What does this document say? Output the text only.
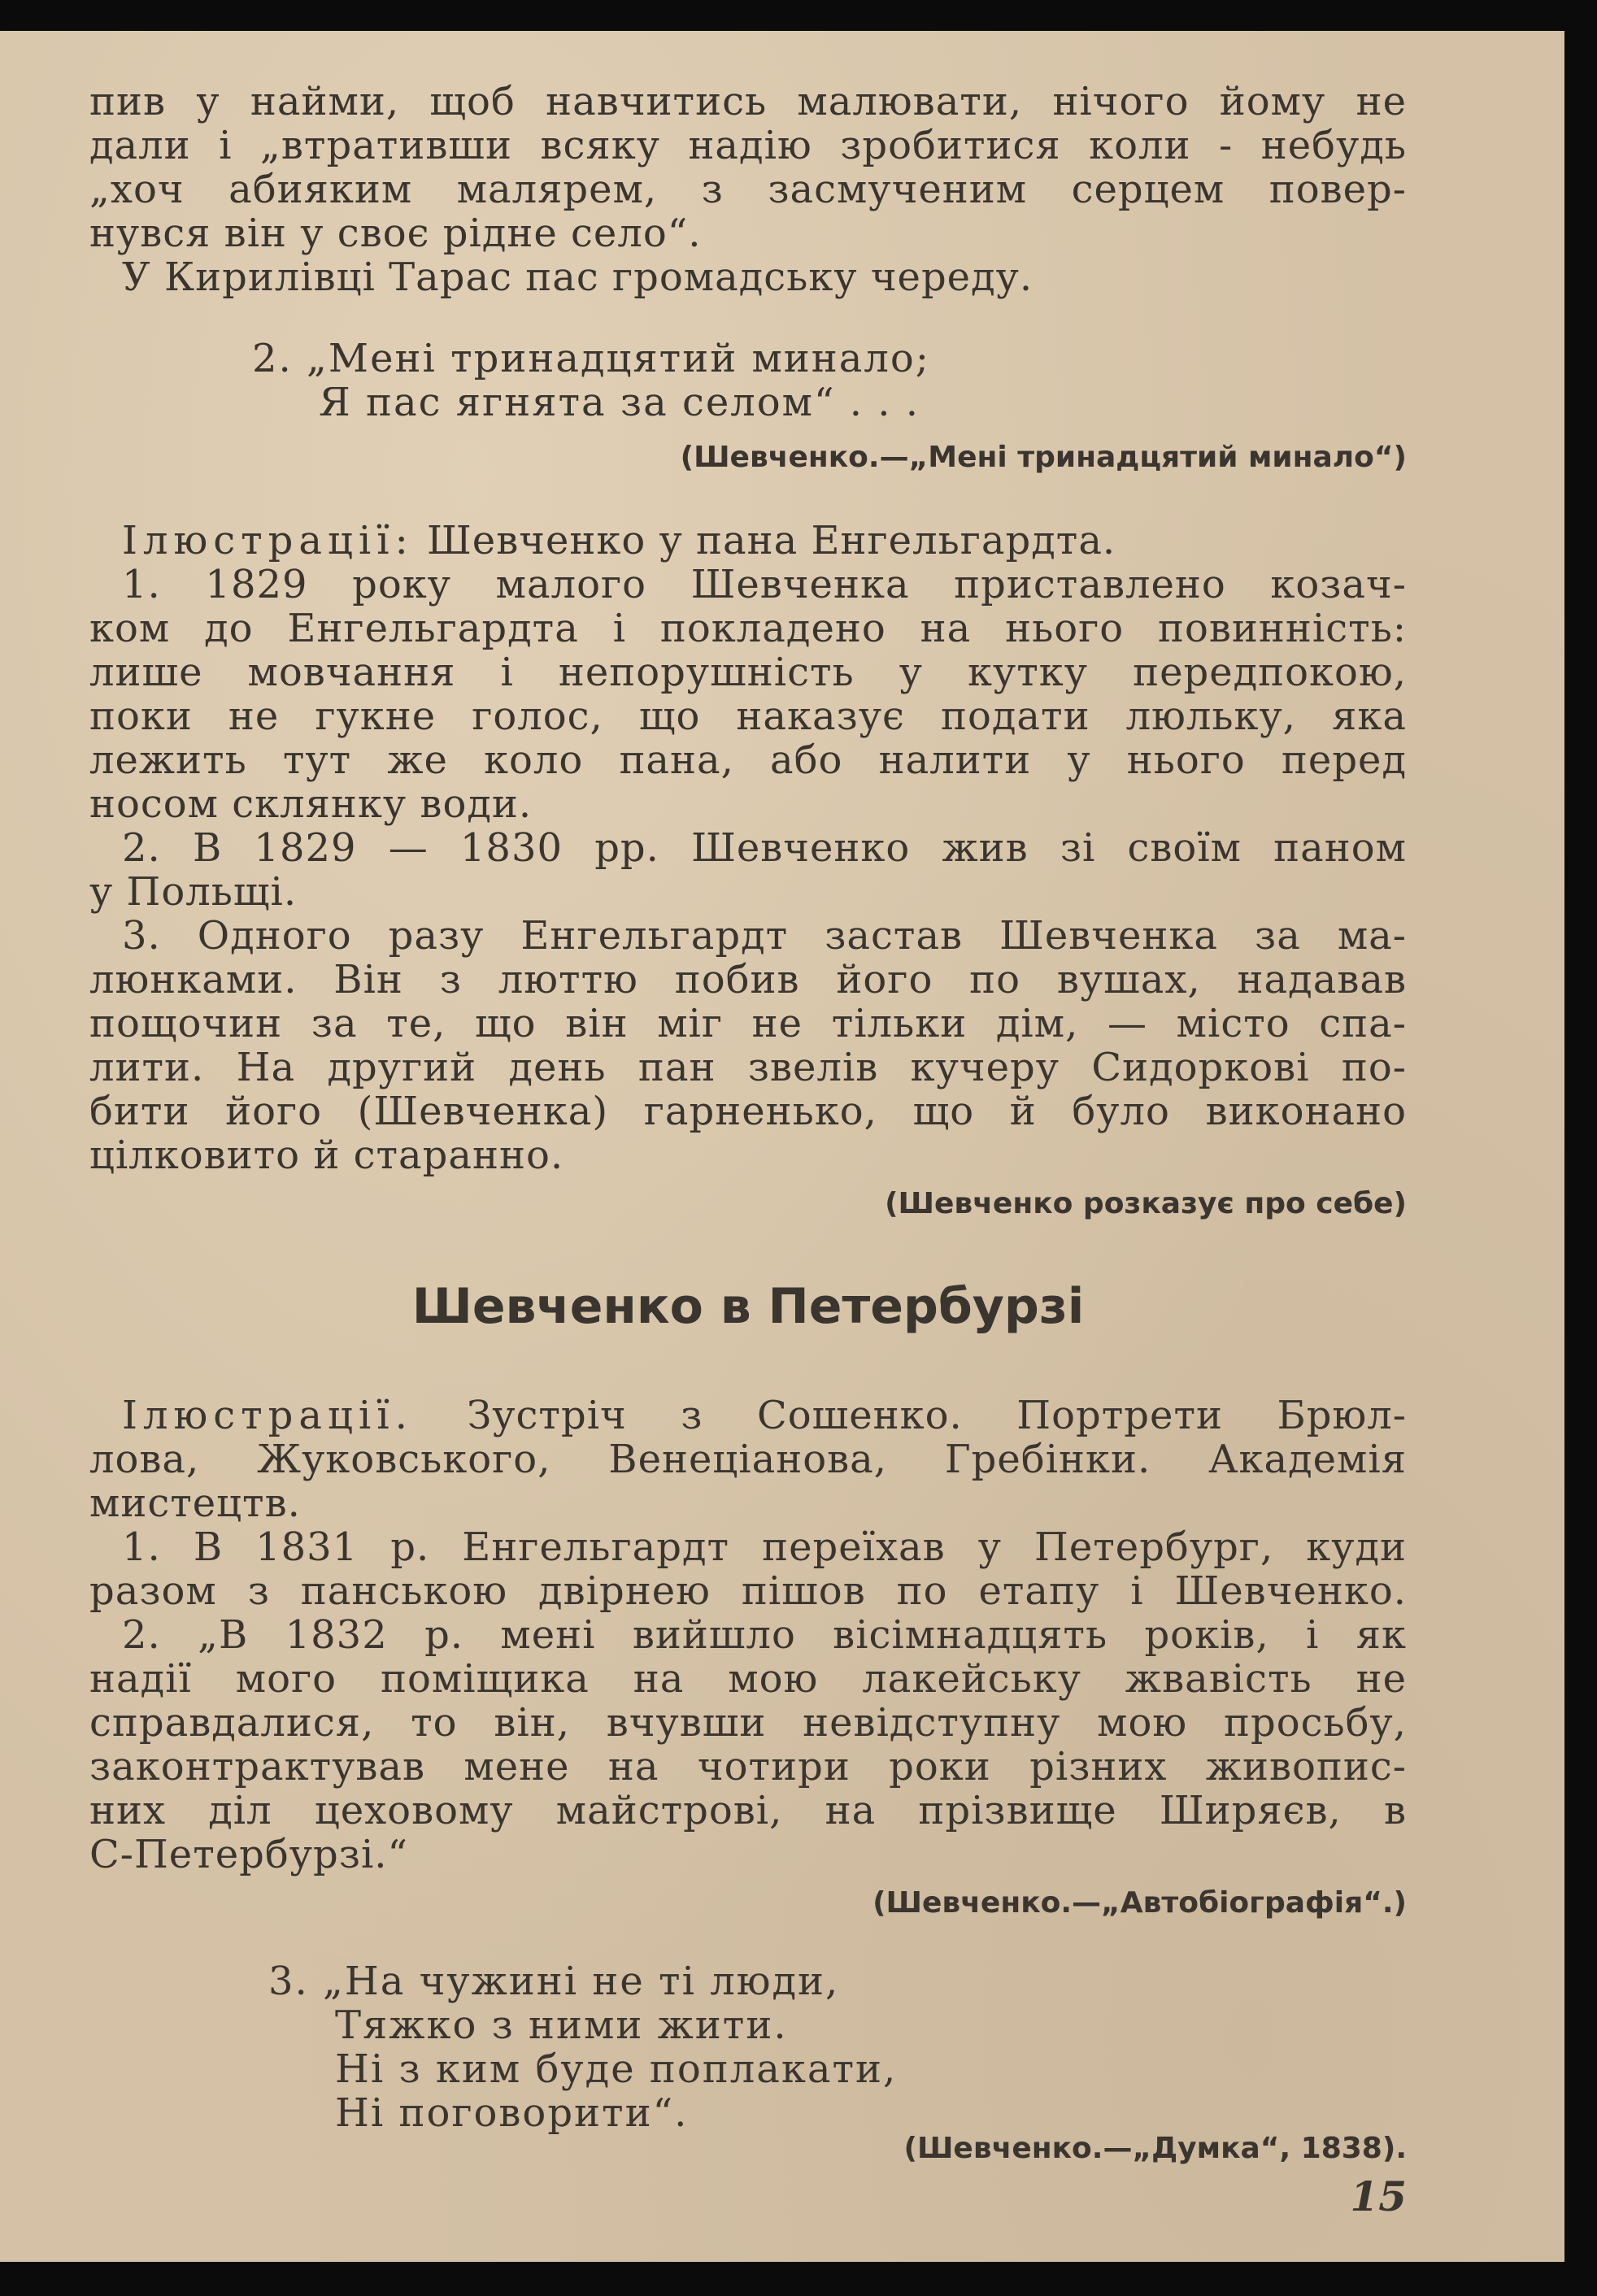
пив у найми, щоб навчитись малювати, нічого йому не
дали і „втративши всяку надію зробитися коли - небудь
„хоч абияким малярем, з засмученим серцем повер-
нувся він у своє рідне село“.
У Кирилівці Тарас пас громадську череду.
2. „Мені тринадцятий минало;
Я пас ягнята за селом“ . . .
(Шевченко.—„Мені тринадцятий минало“)
Ілюстрації: Шевченко у пана Енгельгардта.
1. 1829 року малого Шевченка приставлено козач-
ком до Енгельгардта і покладено на нього повинність:
лише мовчання і непорушність у кутку передпокою,
поки не гукне голос, що наказує подати люльку, яка
лежить тут же коло пана, або налити у нього перед
носом склянку води.
2. В 1829 — 1830 рр. Шевченко жив зі своїм паном
у Польщі.
3. Одного разу Енгельгардт застав Шевченка за ма-
люнками. Він з люттю побив його по вушах, надавав
пощочин за те, що він міг не тільки дім, — місто спа-
лити. На другий день пан звелів кучеру Сидоркові по-
бити його (Шевченка) гарненько, що й було виконано
цілковито й старанно.
(Шевченко розказує про себе)
Шевченко в Петербурзі
Ілюстрації. Зустріч з Сошенко. Портрети Брюл-
лова, Жуковського, Венеціанова, Гребінки. Академія
мистецтв.
1. В 1831 р. Енгельгардт переїхав у Петербург, куди
разом з панською двірнею пішов по етапу і Шевченко.
2. „В 1832 р. мені вийшло вісімнадцять років, і як
надії мого поміщика на мою лакейську жвавість не
справдалися, то він, вчувши невідступну мою просьбу,
законтрактував мене на чотири роки різних живопис-
них діл цеховому майстрові, на прізвище Ширяєв, в
С-Петербурзі.“
(Шевченко.—„Автобіографія“.)
3. „На чужині не ті люди,
Тяжко з ними жити.
Ні з ким буде поплакати,
Ні поговорити“.
(Шевченко.—„Думка“, 1838).
15
